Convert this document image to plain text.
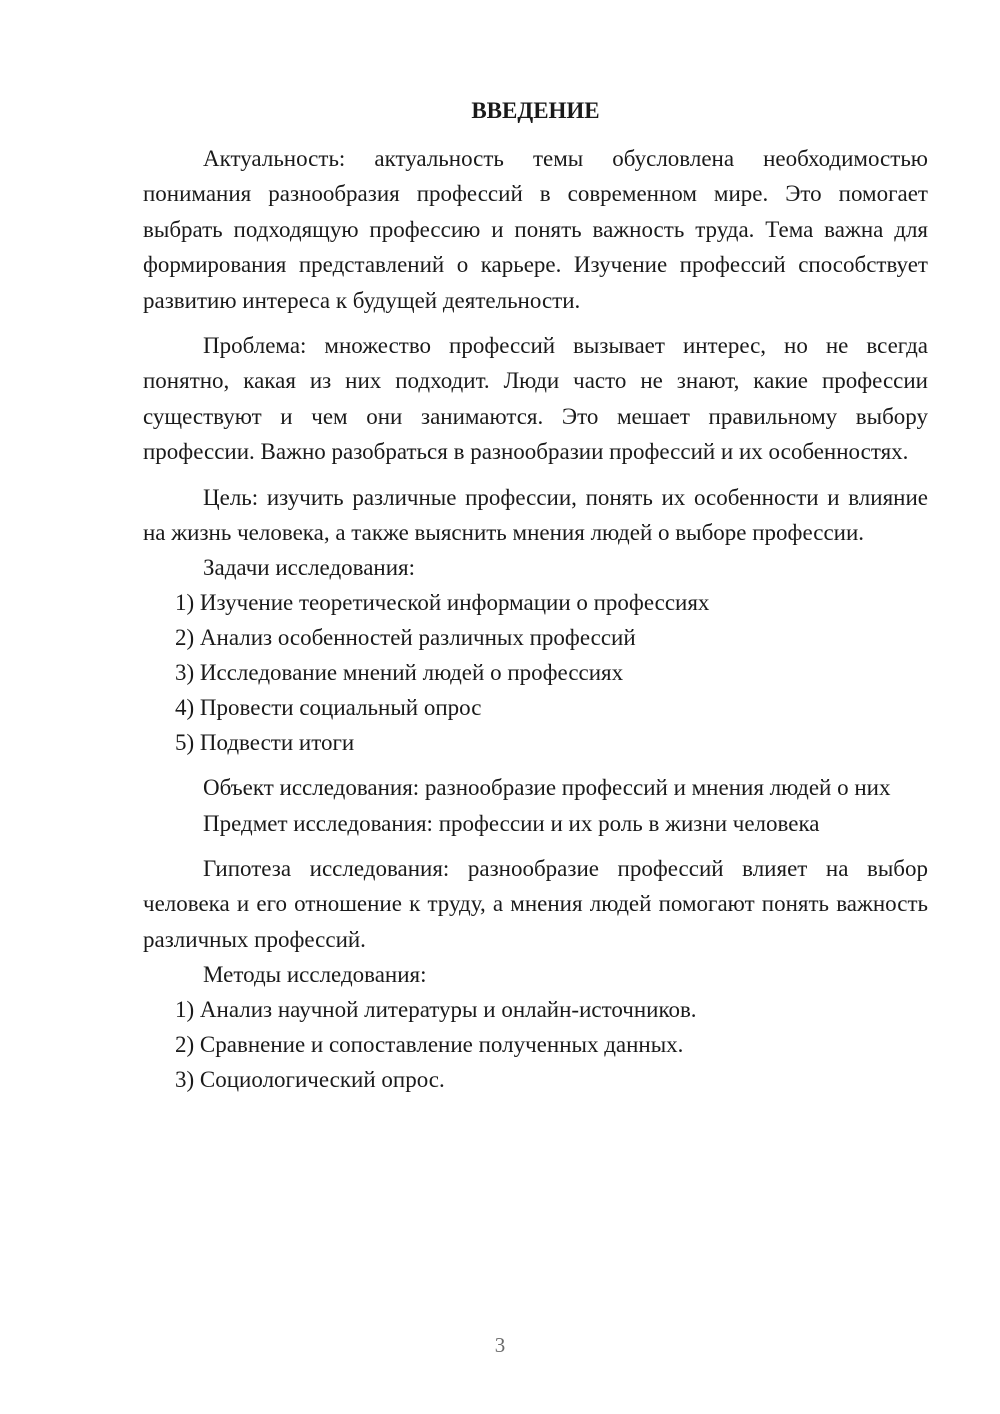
ВВЕДЕНИЕ

Актуальность: актуальность темы обусловлена необходимостью понимания разнообразия профессий в современном мире. Это помогает выбрать подходящую профессию и понять важность труда. Тема важна для формирования представлений о карьере. Изучение профессий способствует развитию интереса к будущей деятельности.

Проблема: множество профессий вызывает интерес, но не всегда понятно, какая из них подходит. Люди часто не знают, какие профессии существуют и чем они занимаются. Это мешает правильному выбору профессии. Важно разобраться в разнообразии профессий и их особенностях.

Цель: изучить различные профессии, понять их особенности и влияние на жизнь человека, а также выяснить мнения людей о выборе профессии.

Задачи исследования:

1) Изучение теоретической информации о профессиях

2) Анализ особенностей различных профессий

3) Исследование мнений людей о профессиях

4) Провести социальный опрос

5) Подвести итоги

Объект исследования: разнообразие профессий и мнения людей о них

Предмет исследования: профессии и их роль в жизни человека

Гипотеза исследования: разнообразие профессий влияет на выбор человека и его отношение к труду, а мнения людей помогают понять важность различных профессий.

Методы исследования:

1) Анализ научной литературы и онлайн-источников.

2) Сравнение и сопоставление полученных данных.

3) Социологический опрос.

3
